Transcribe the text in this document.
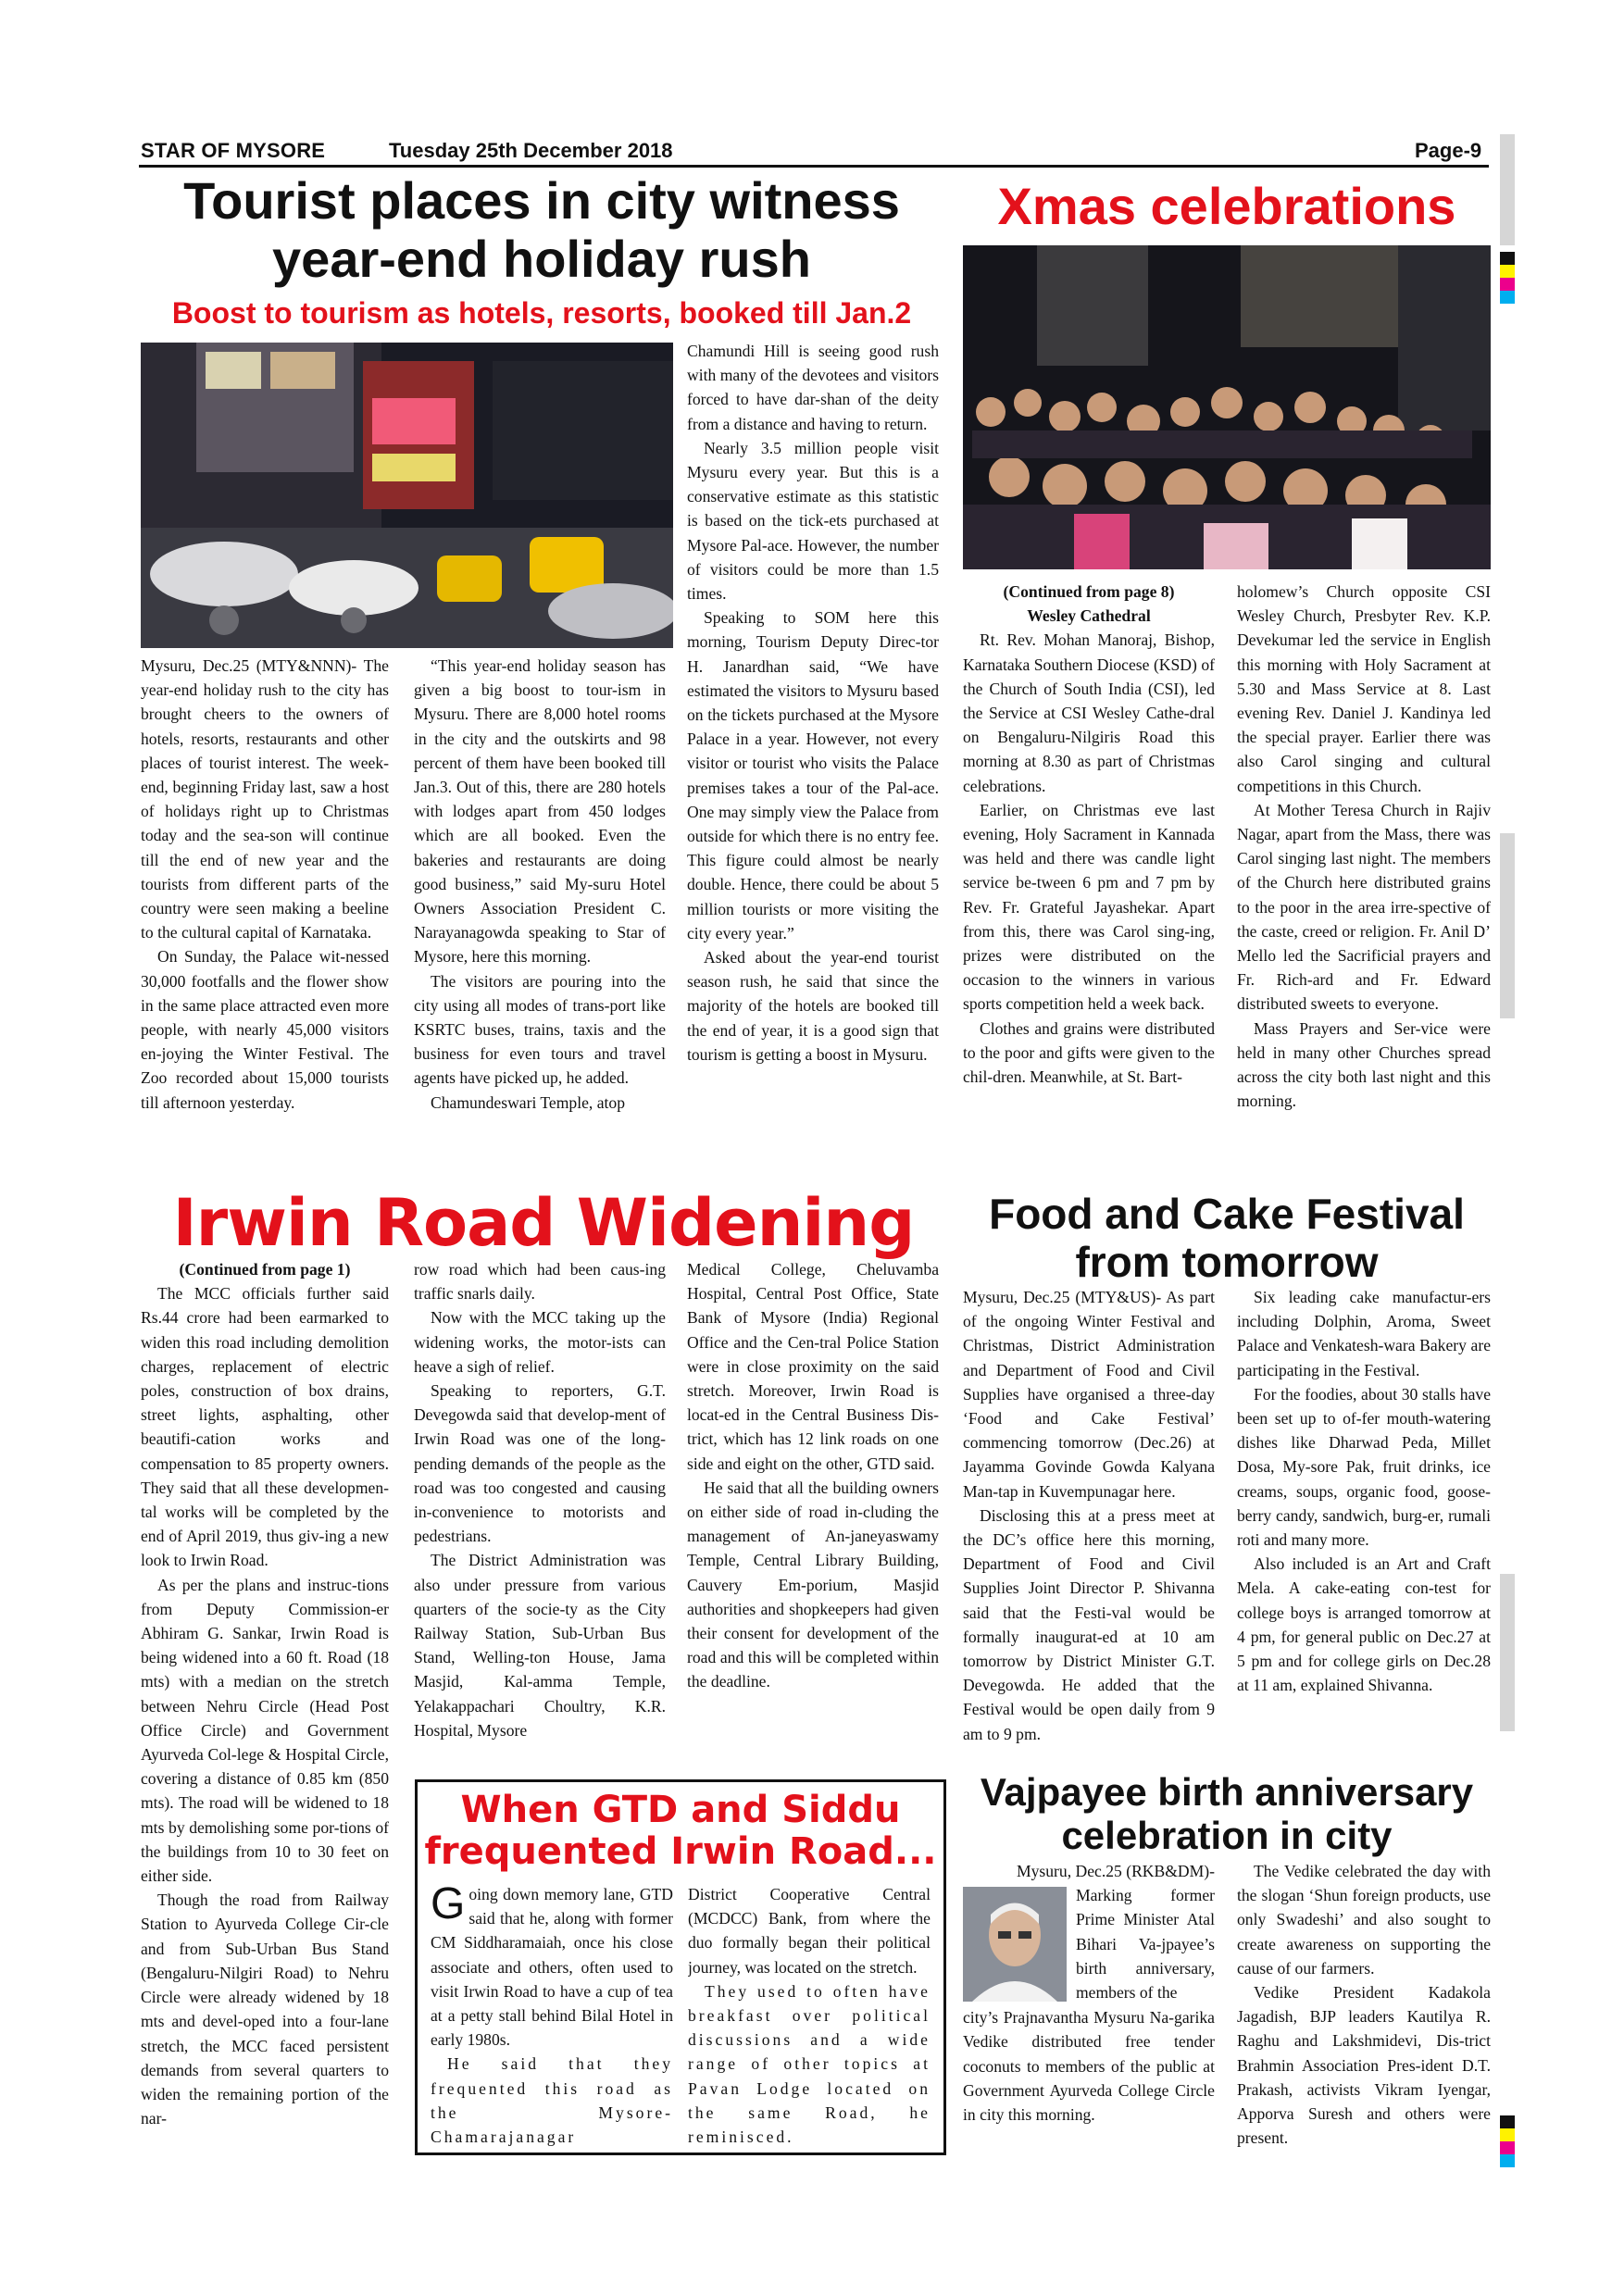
STAR OF MYSORE	Tuesday 25th December 2018	Page-9
Tourist places in city witness
year-end holiday rush
Boost to tourism as hotels, resorts, booked till Jan.2

Mysuru, Dec.25 (MTY&NNN)- The year-end holiday rush to the city has brought cheers to the owners of hotels, resorts, restaurants and other places of tourist interest. The week-end, beginning Friday last, saw a host of holidays right up to Christmas today and the sea-son will continue till the end of new year and the tourists from different parts of the country were seen making a beeline to the cultural capital of Karnataka.

On Sunday, the Palace wit-nessed 30,000 footfalls and the flower show in the same place attracted even more people, with nearly 45,000 visitors en-joying the Winter Festival. The Zoo recorded about 15,000 tourists till afternoon yesterday.

“This year-end holiday season has given a big boost to tour-ism in Mysuru. There are 8,000 hotel rooms in the city and the outskirts and 98 percent of them have been booked till Jan.3. Out of this, there are 280 hotels with lodges apart from 450 lodges which are all booked. Even the bakeries and restaurants are doing good business,” said My-suru Hotel Owners Association President C. Narayanagowda speaking to Star of Mysore, here this morning.

The visitors are pouring into the city using all modes of trans-port like KSRTC buses, trains, taxis and the business for even tours and travel agents have picked up, he added.

Chamundeswari Temple, atop

Chamundi Hill is seeing good rush with many of the devotees and visitors forced to have dar-shan of the deity from a distance and having to return.

Nearly 3.5 million people visit Mysuru every year. But this is a conservative estimate as this statistic is based on the tick-ets purchased at Mysore Pal-ace. However, the number of visitors could be more than 1.5 times.

Speaking to SOM here this morning, Tourism Deputy Direc-tor H. Janardhan said, “We have estimated the visitors to Mysuru based on the tickets purchased at the Mysore Palace in a year. However, not every visitor or tourist who visits the Palace premises takes a tour of the Pal-ace. One may simply view the Palace from outside for which there is no entry fee. This figure could almost be nearly double. Hence, there could be about 5 million tourists or more visiting the city every year.”

Asked about the year-end tourist season rush, he said that since the majority of the hotels are booked till the end of year, it is a good sign that tourism is getting a boost in Mysuru.

Xmas celebrations

(Continued from page 8)

Wesley Cathedral

Rt. Rev. Mohan Manoraj, Bishop, Karnataka Southern Diocese (KSD) of the Church of South India (CSI), led the Service at CSI Wesley Cathe-dral on Bengaluru-Nilgiris Road this morning at 8.30 as part of Christmas celebrations.

Earlier, on Christmas eve last evening, Holy Sacrament in Kannada was held and there was candle light service be-tween 6 pm and 7 pm by Rev. Fr. Grateful Jayashekar. Apart from this, there was Carol sing-ing, prizes were distributed on the occasion to the winners in various sports competition held a week back.

Clothes and grains were distributed to the poor and gifts were given to the chil-dren. Meanwhile, at St. Bart-

holomew’s Church opposite CSI Wesley Church, Presbyter Rev. K.P. Devekumar led the service in English this morning with Holy Sacrament at 5.30 and Mass Service at 8. Last evening Rev. Daniel J. Kandinya led the special prayer. Earlier there was also Carol singing and cultural competitions in this Church.

At Mother Teresa Church in Rajiv Nagar, apart from the Mass, there was Carol singing last night. The members of the Church here distributed grains to the poor in the area irre-spective of the caste, creed or religion. Fr. Anil D’ Mello led the Sacrificial prayers and Fr. Rich-ard and Fr. Edward distributed sweets to everyone.

Mass Prayers and Ser-vice were held in many other Churches spread across the city both last night and this morning.

Irwin Road Widening

(Continued from page 1)

The MCC officials further said Rs.44 crore had been earmarked to widen this road including demolition charges, replacement of electric poles, construction of box drains, street lights, asphalting, other beautifi-cation works and compensation to 85 property owners. They said that all these developmen-tal works will be completed by the end of April 2019, thus giv-ing a new look to Irwin Road.

As per the plans and instruc-tions from Deputy Commission-er Abhiram G. Sankar, Irwin Road is being widened into a 60 ft. Road (18 mts) with a median on the stretch between Nehru Circle (Head Post Office Circle) and Government Ayurveda Col-lege & Hospital Circle, covering a distance of 0.85 km (850 mts). The road will be widened to 18 mts by demolishing some por-tions of the buildings from 10 to 30 feet on either side.

Though the road from Railway Station to Ayurveda College Cir-cle and from Sub-Urban Bus Stand (Bengaluru-Nilgiri Road) to Nehru Circle were already widened by 18 mts and devel-oped into a four-lane stretch, the MCC faced persistent demands from several quarters to widen the remaining portion of the nar-

row road which had been caus-ing traffic snarls daily.

Now with the MCC taking up the widening works, the motor-ists can heave a sigh of relief.

Speaking to reporters, G.T. Devegowda said that develop-ment of Irwin Road was one of the long-pending demands of the people as the road was too congested and causing in-convenience to motorists and pedestrians.

The District Administration was also under pressure from various quarters of the socie-ty as the City Railway Station, Sub-Urban Bus Stand, Welling-ton House, Jama Masjid, Kal-amma Temple, Yelakappachari Choultry, K.R. Hospital, Mysore

Medical College, Cheluvamba Hospital, Central Post Office, State Bank of Mysore (India) Regional Office and the Cen-tral Police Station were in close proximity on the said stretch. Moreover, Irwin Road is locat-ed in the Central Business Dis-trict, which has 12 link roads on one side and eight on the other, GTD said.

He said that all the building owners on either side of road in-cluding the management of An-janeyaswamy Temple, Central Library Building, Cauvery Em-porium, Masjid authorities and shopkeepers had given their consent for development of the road and this will be completed within the deadline.

When GTD and Siddu
frequented Irwin Road...

Going down memory lane, GTD said that he, along with former CM Siddharamaiah, once his close associate and others, often used to visit Irwin Road to have a cup of tea at a petty stall behind Bilal Hotel in early 1980s.

He said that they frequented this road as the Mysore-Chamarajanagar

District Cooperative Central (MCDCC) Bank, from where the duo formally began their political journey, was located on the stretch.

They used to often have breakfast over political discussions and a wide range of other topics at Pavan Lodge located on the same Road, he reminisced.

Food and Cake Festival
from tomorrow

Mysuru, Dec.25 (MTY&US)- As part of the ongoing Winter Festival and Christmas, District Administration and Department of Food and Civil Supplies have organised a three-day ‘Food and Cake Festival’ commencing tomorrow (Dec.26) at Jayamma Govinde Gowda Kalyana Man-tap in Kuvempunagar here.

Disclosing this at a press meet at the DC’s office here this morning, Department of Food and Civil Supplies Joint Director P. Shivanna said that the Festi-val would be formally inaugurat-ed at 10 am tomorrow by District Minister G.T. Devegowda. He added that the Festival would be open daily from 9 am to 9 pm.

Six leading cake manufactur-ers including Dolphin, Aroma, Sweet Palace and Venkatesh-wara Bakery are participating in the Festival.

For the foodies, about 30 stalls have been set up to of-fer mouth-watering dishes like Dharwad Peda, Millet Dosa, My-sore Pak, fruit drinks, ice creams, soups, organic food, goose-berry candy, sandwich, burg-er, rumali roti and many more.

Also included is an Art and Craft Mela. A cake-eating con-test for college boys is arranged tomorrow at 4 pm, for general public on Dec.27 at 5 pm and for college girls on Dec.28 at 11 am, explained Shivanna.

Vajpayee birth anniversary
celebration in city

Mysuru, Dec.25 (RKB&DM)-

Marking former Prime Minister Atal Bihari Va-jpayee’s birth anniversary, members of the

city’s Prajnavantha Mysuru Na-garika Vedike distributed free tender coconuts to members of the public at Government Ayurveda College Circle in city this morning.

The Vedike celebrated the day with the slogan ‘Shun foreign products, use only Swadeshi’ and also sought to create awareness on supporting the cause of our farmers.

Vedike President Kadakola Jagadish, BJP leaders Kautilya R. Raghu and Lakshmidevi, Dis-trict Brahmin Association Pres-ident D.T. Prakash, activists Vikram Iyengar, Apporva Suresh and others were present.
